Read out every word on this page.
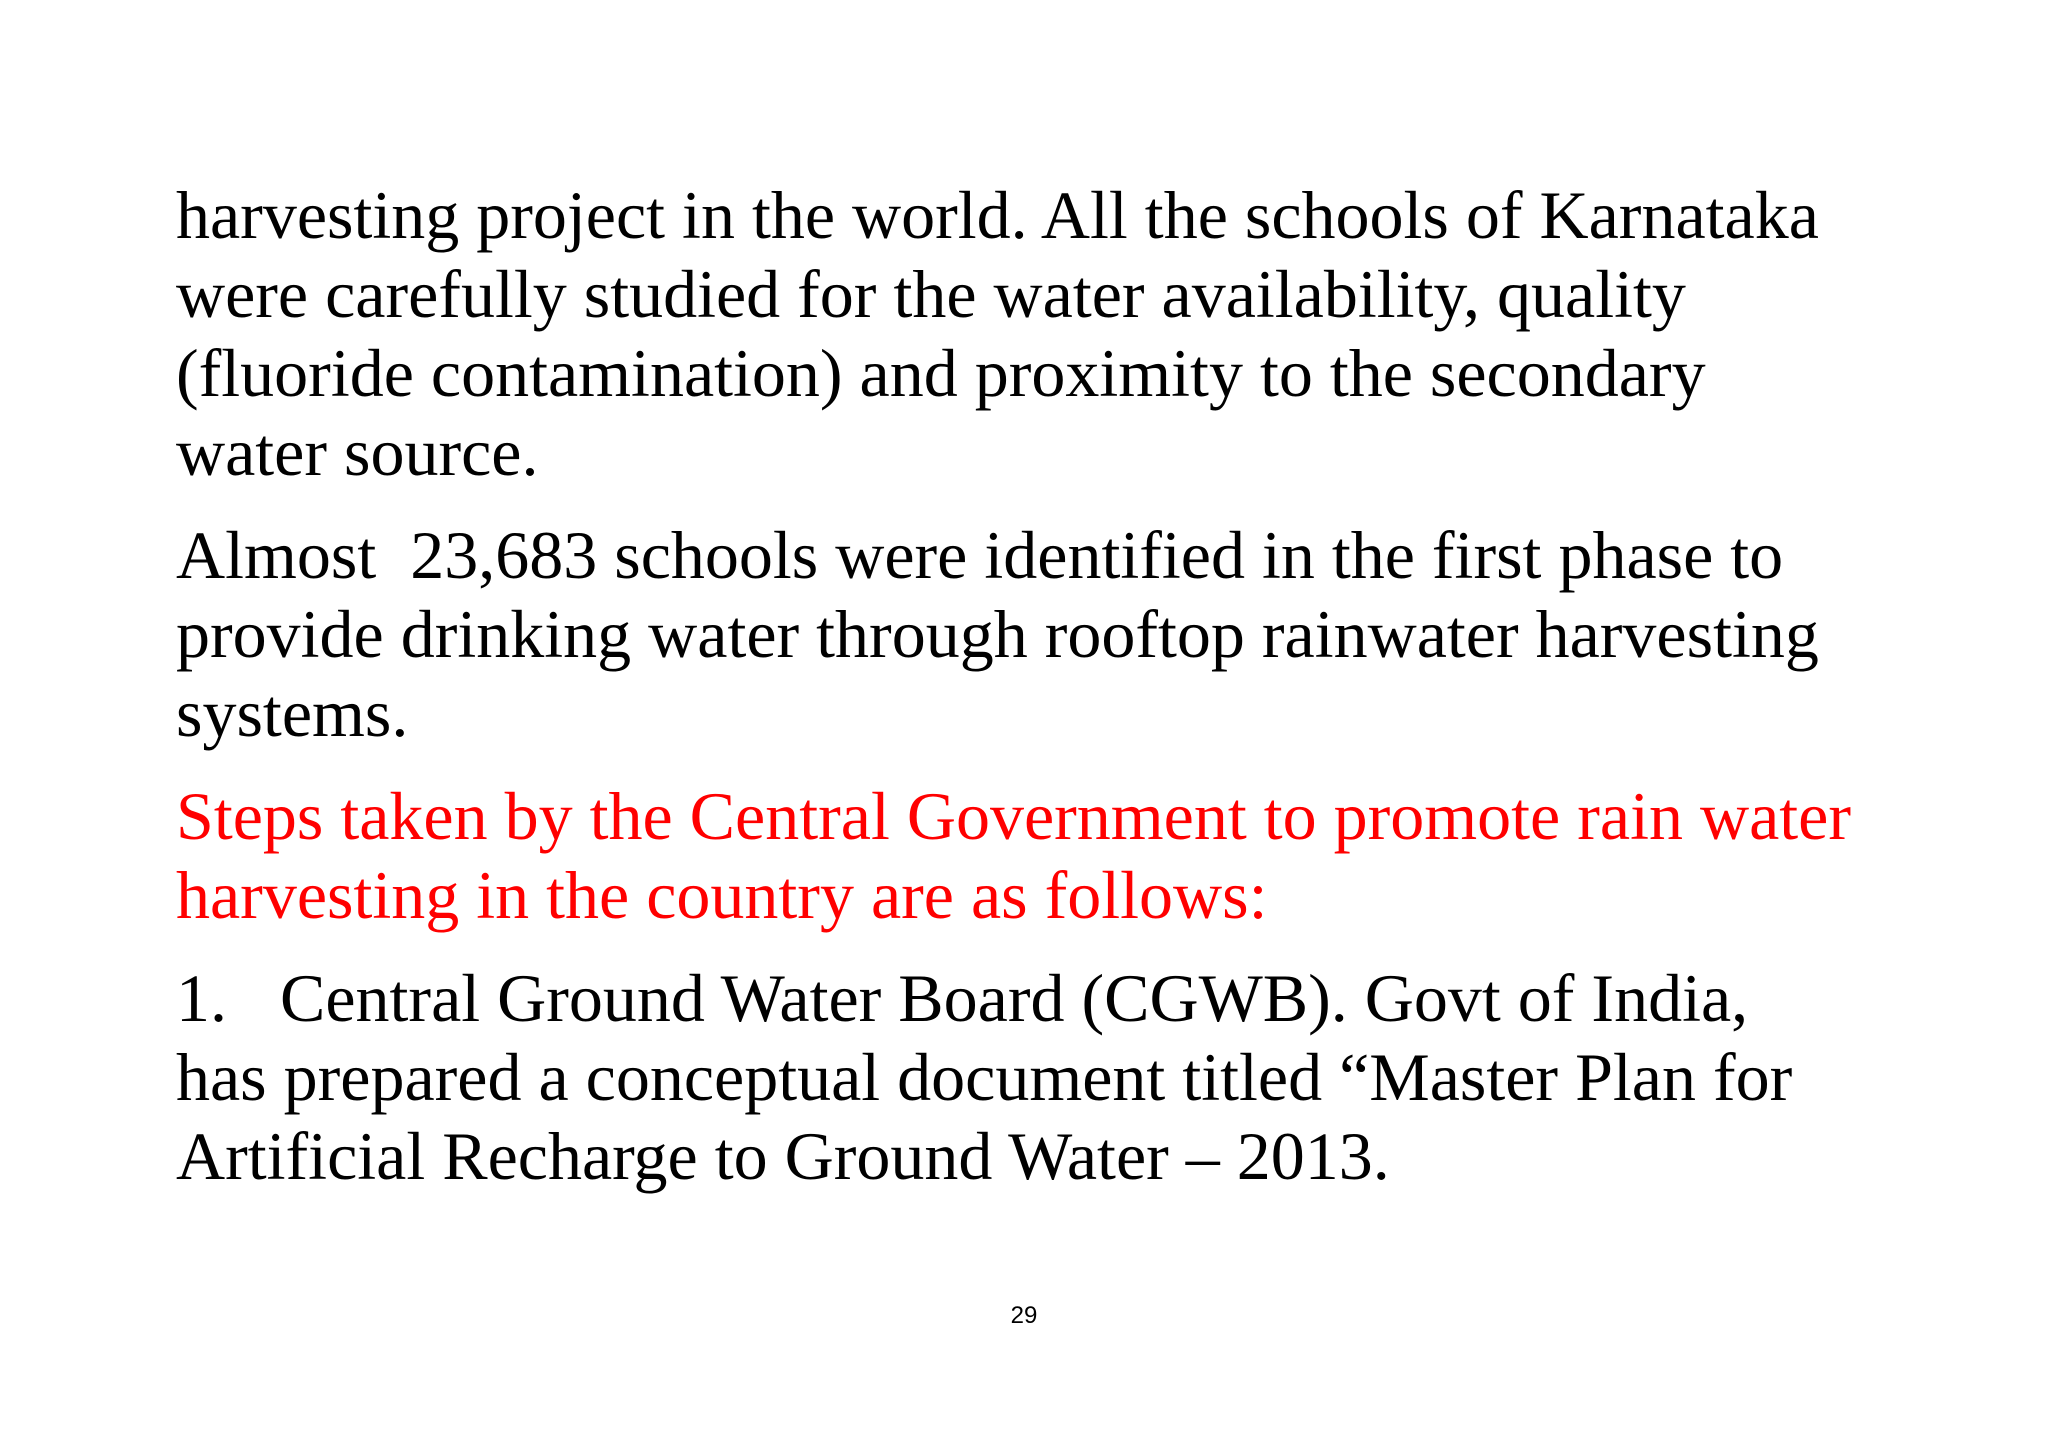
harvesting project in the world. All the schools of Karnataka
were carefully studied for the water availability, quality
(fluoride contamination) and proximity to the secondary
water source.

Almost  23,683 schools were identified in the first phase to
provide drinking water through rooftop rainwater harvesting
systems.

Steps taken by the Central Government to promote rain water
harvesting in the country are as follows:

1. Central Ground Water Board (CGWB). Govt of India,
has prepared a conceptual document titled “Master Plan for
Artificial Recharge to Ground Water – 2013.

29
